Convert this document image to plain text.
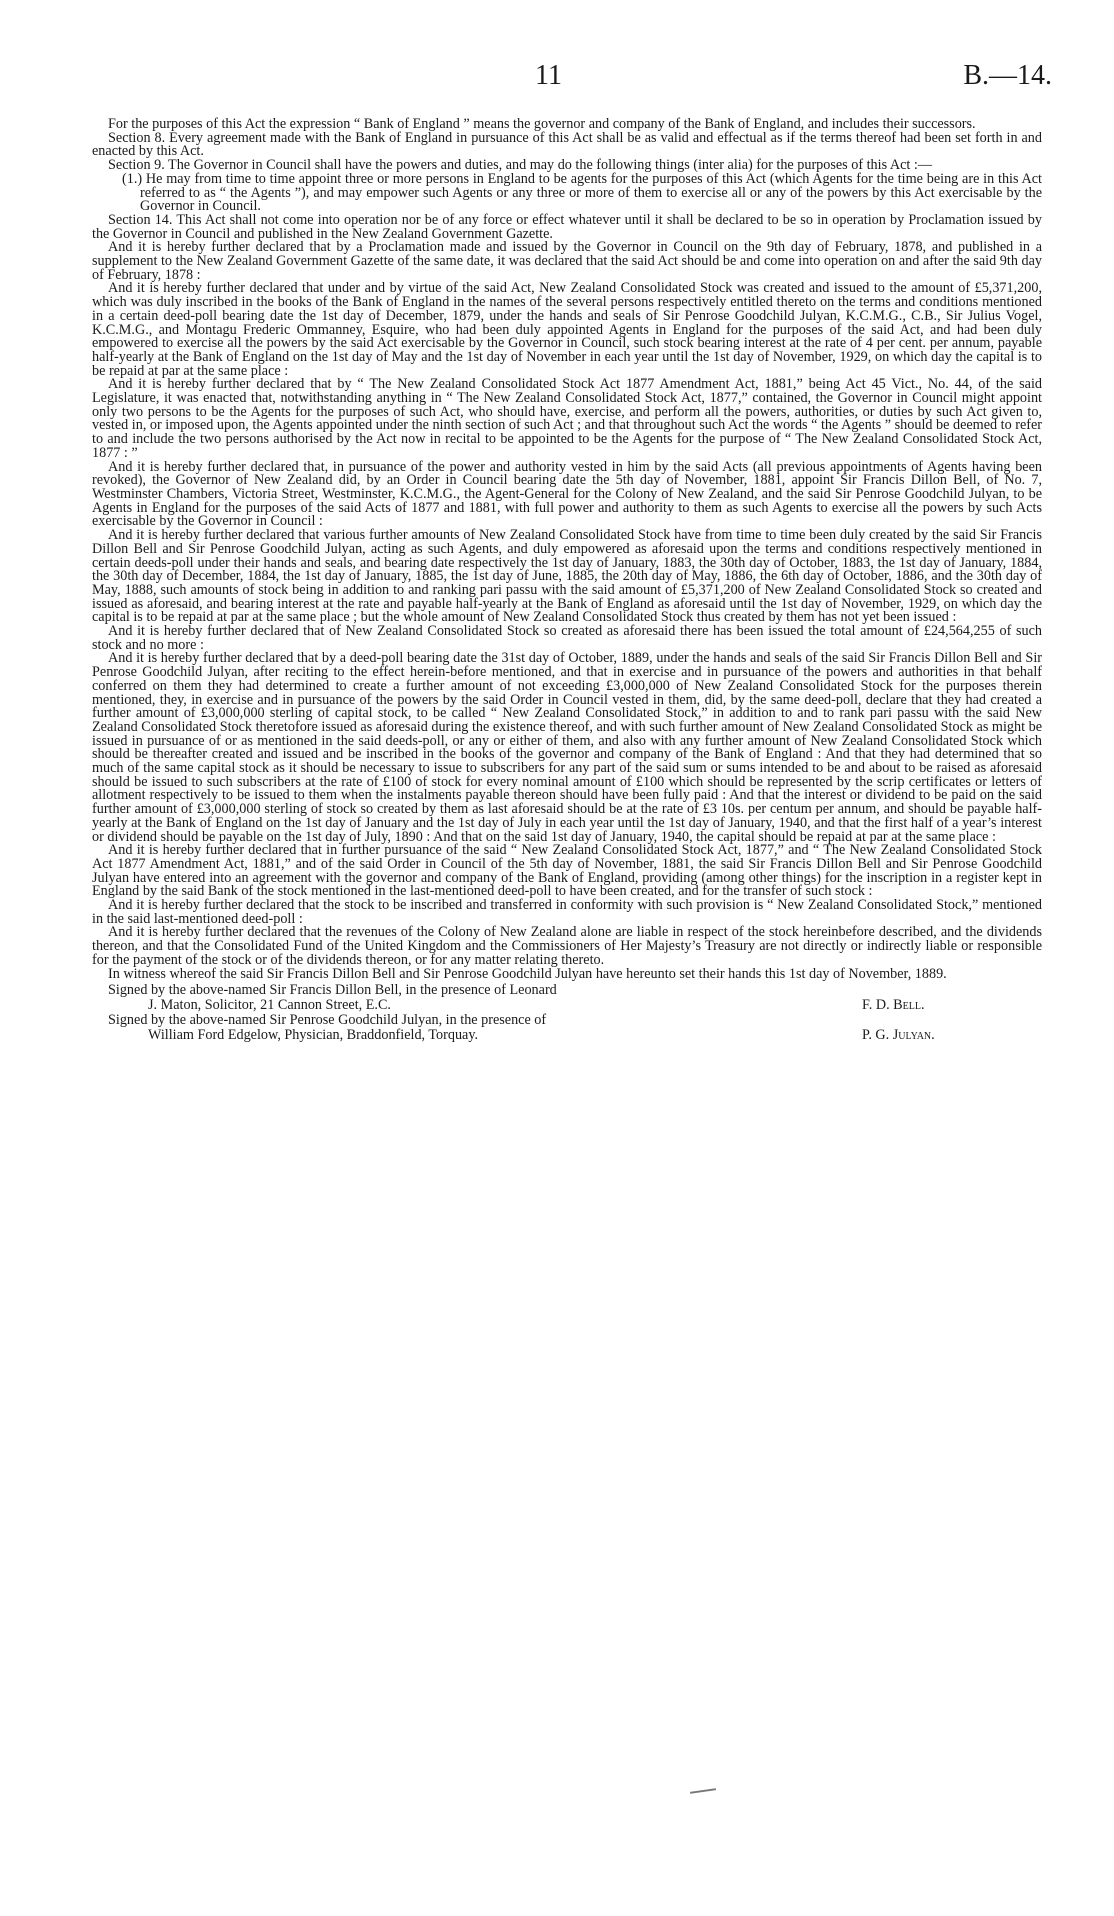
11	B.—14.

For the purposes of this Act the expression “ Bank of England ” means the governor and company of the Bank of England, and includes their successors.

Section 8. Every agreement made with the Bank of England in pursuance of this Act shall be as valid and effectual as if the terms thereof had been set forth in and enacted by this Act.

Section 9. The Governor in Council shall have the powers and duties, and may do the following things (inter alia) for the purposes of this Act :—

(1.) He may from time to time appoint three or more persons in England to be agents for the purposes of this Act (which Agents for the time being are in this Act referred to as “ the Agents ”), and may empower such Agents or any three or more of them to exercise all or any of the powers by this Act exercisable by the Governor in Council.

Section 14. This Act shall not come into operation nor be of any force or effect whatever until it shall be declared to be so in operation by Proclamation issued by the Governor in Council and published in the New Zealand Government Gazette.

And it is hereby further declared that by a Proclamation made and issued by the Governor in Council on the 9th day of February, 1878, and published in a supplement to the New Zealand Government Gazette of the same date, it was declared that the said Act should be and come into operation on and after the said 9th day of February, 1878 :

And it is hereby further declared that under and by virtue of the said Act, New Zealand Consolidated Stock was created and issued to the amount of £5,371,200, which was duly inscribed in the books of the Bank of England in the names of the several persons respectively entitled thereto on the terms and conditions mentioned in a certain deed-poll bearing date the 1st day of December, 1879, under the hands and seals of Sir Penrose Goodchild Julyan, K.C.M.G., C.B., Sir Julius Vogel, K.C.M.G., and Montagu Frederic Ommanney, Esquire, who had been duly appointed Agents in England for the purposes of the said Act, and had been duly empowered to exercise all the powers by the said Act exercisable by the Governor in Council, such stock bearing interest at the rate of 4 per cent. per annum, payable half-yearly at the Bank of England on the 1st day of May and the 1st day of November in each year until the 1st day of November, 1929, on which day the capital is to be repaid at par at the same place :

And it is hereby further declared that by “ The New Zealand Consolidated Stock Act 1877 Amendment Act, 1881,” being Act 45 Vict., No. 44, of the said Legislature, it was enacted that, notwithstanding anything in “ The New Zealand Consolidated Stock Act, 1877,” contained, the Governor in Council might appoint only two persons to be the Agents for the purposes of such Act, who should have, exercise, and perform all the powers, authorities, or duties by such Act given to, vested in, or imposed upon, the Agents appointed under the ninth section of such Act ; and that throughout such Act the words “ the Agents ” should be deemed to refer to and include the two persons authorised by the Act now in recital to be appointed to be the Agents for the purpose of “ The New Zealand Consolidated Stock Act, 1877 : ”

And it is hereby further declared that, in pursuance of the power and authority vested in him by the said Acts (all previous appointments of Agents having been revoked), the Governor of New Zealand did, by an Order in Council bearing date the 5th day of November, 1881, appoint Sir Francis Dillon Bell, of No. 7, Westminster Chambers, Victoria Street, Westminster, K.C.M.G., the Agent-General for the Colony of New Zealand, and the said Sir Penrose Goodchild Julyan, to be Agents in England for the purposes of the said Acts of 1877 and 1881, with full power and authority to them as such Agents to exercise all the powers by such Acts exercisable by the Governor in Council :

And it is hereby further declared that various further amounts of New Zealand Consolidated Stock have from time to time been duly created by the said Sir Francis Dillon Bell and Sir Penrose Goodchild Julyan, acting as such Agents, and duly empowered as aforesaid upon the terms and conditions respectively mentioned in certain deeds-poll under their hands and seals, and bearing date respectively the 1st day of January, 1883, the 30th day of October, 1883, the 1st day of January, 1884, the 30th day of December, 1884, the 1st day of January, 1885, the 1st day of June, 1885, the 20th day of May, 1886, the 6th day of October, 1886, and the 30th day of May, 1888, such amounts of stock being in addition to and ranking pari passu with the said amount of £5,371,200 of New Zealand Consolidated Stock so created and issued as aforesaid, and bearing interest at the rate and payable half-yearly at the Bank of England as aforesaid until the 1st day of November, 1929, on which day the capital is to be repaid at par at the same place ; but the whole amount of New Zealand Consolidated Stock thus created by them has not yet been issued :

And it is hereby further declared that of New Zealand Consolidated Stock so created as aforesaid there has been issued the total amount of £24,564,255 of such stock and no more :

And it is hereby further declared that by a deed-poll bearing date the 31st day of October, 1889, under the hands and seals of the said Sir Francis Dillon Bell and Sir Penrose Goodchild Julyan, after reciting to the effect herein-before mentioned, and that in exercise and in pursuance of the powers and authorities in that behalf conferred on them they had determined to create a further amount of not exceeding £3,000,000 of New Zealand Consolidated Stock for the purposes therein mentioned, they, in exercise and in pursuance of the powers by the said Order in Council vested in them, did, by the same deed-poll, declare that they had created a further amount of £3,000,000 sterling of capital stock, to be called “ New Zealand Consolidated Stock,” in addition to and to rank pari passu with the said New Zealand Consolidated Stock theretofore issued as aforesaid during the existence thereof, and with such further amount of New Zealand Consolidated Stock as might be issued in pursuance of or as mentioned in the said deeds-poll, or any or either of them, and also with any further amount of New Zealand Consolidated Stock which should be thereafter created and issued and be inscribed in the books of the governor and company of the Bank of England : And that they had determined that so much of the same capital stock as it should be necessary to issue to subscribers for any part of the said sum or sums intended to be and about to be raised as aforesaid should be issued to such subscribers at the rate of £100 of stock for every nominal amount of £100 which should be represented by the scrip certificates or letters of allotment respectively to be issued to them when the instalments payable thereon should have been fully paid : And that the interest or dividend to be paid on the said further amount of £3,000,000 sterling of stock so created by them as last aforesaid should be at the rate of £3 10s. per centum per annum, and should be payable half-yearly at the Bank of England on the 1st day of January and the 1st day of July in each year until the 1st day of January, 1940, and that the first half of a year’s interest or dividend should be payable on the 1st day of July, 1890 : And that on the said 1st day of January, 1940, the capital should be repaid at par at the same place :

And it is hereby further declared that in further pursuance of the said “ New Zealand Consolidated Stock Act, 1877,” and “ The New Zealand Consolidated Stock Act 1877 Amendment Act, 1881,” and of the said Order in Council of the 5th day of November, 1881, the said Sir Francis Dillon Bell and Sir Penrose Goodchild Julyan have entered into an agreement with the governor and company of the Bank of England, providing (among other things) for the inscription in a register kept in England by the said Bank of the stock mentioned in the last-mentioned deed-poll to have been created, and for the transfer of such stock :

And it is hereby further declared that the stock to be inscribed and transferred in conformity with such provision is “ New Zealand Consolidated Stock,” mentioned in the said last-mentioned deed-poll :

And it is hereby further declared that the revenues of the Colony of New Zealand alone are liable in respect of the stock hereinbefore described, and the dividends thereon, and that the Consolidated Fund of the United Kingdom and the Commissioners of Her Majesty’s Treasury are not directly or indirectly liable or responsible for the payment of the stock or of the dividends thereon, or for any matter relating thereto.

In witness whereof the said Sir Francis Dillon Bell and Sir Penrose Goodchild Julyan have hereunto set their hands this 1st day of November, 1889.

Signed by the above-named Sir Francis Dillon Bell, in the presence of Leonard
J. Maton, Solicitor, 21 Cannon Street, E.C.	F. D. Bell.
Signed by the above-named Sir Penrose Goodchild Julyan, in the presence of
William Ford Edgelow, Physician, Braddonfield, Torquay.	P. G. Julyan.
